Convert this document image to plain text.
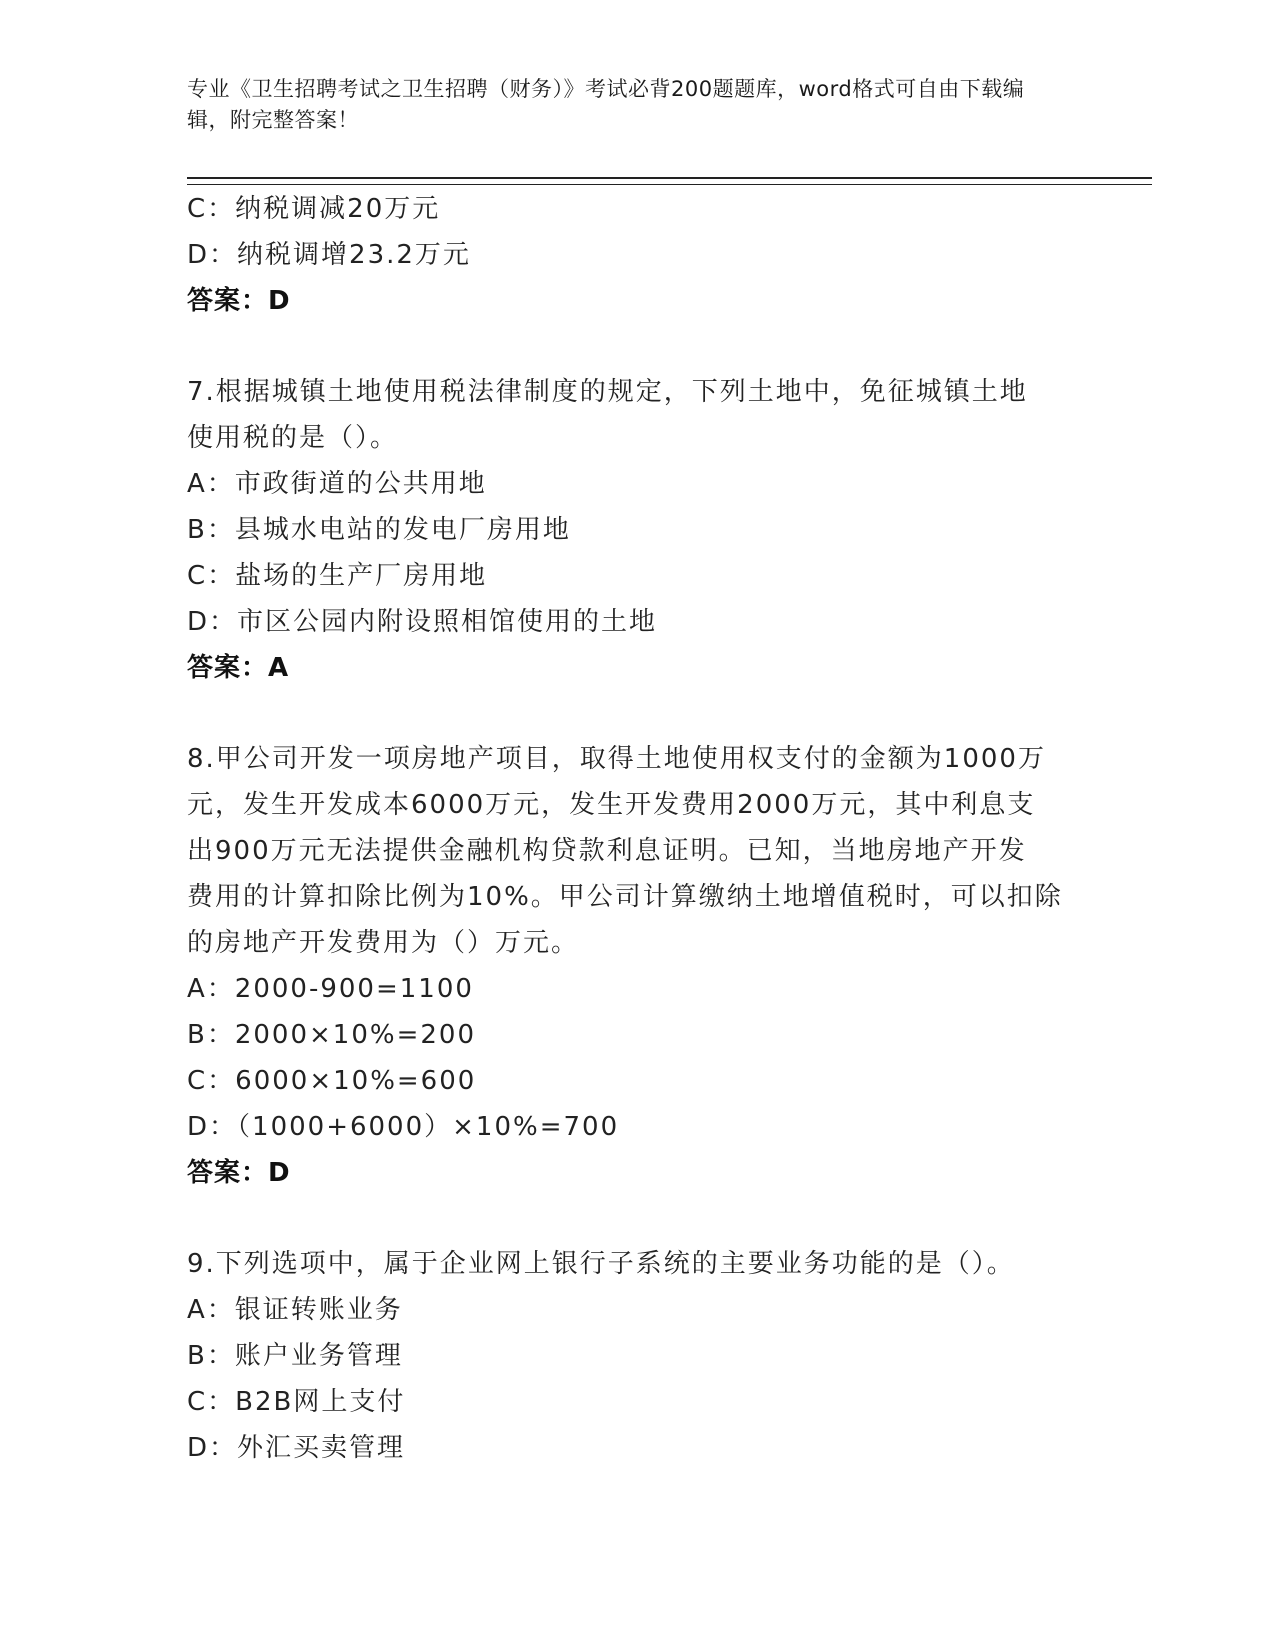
专业《卫生招聘考试之卫生招聘（财务）》考试必背200题题库，word格式可自由下载编辑，附完整答案！
C：纳税调减20万元
D：纳税调增23.2万元
答案：D
7.根据城镇土地使用税法律制度的规定，下列土地中，免征城镇土地
使用税的是（）。
A：市政街道的公共用地
B：县城水电站的发电厂房用地
C：盐场的生产厂房用地
D：市区公园内附设照相馆使用的土地
答案：A
8.甲公司开发一项房地产项目，取得土地使用权支付的金额为1000万
元，发生开发成本6000万元，发生开发费用2000万元，其中利息支
出900万元无法提供金融机构贷款利息证明。已知，当地房地产开发
费用的计算扣除比例为10%。甲公司计算缴纳土地增值税时，可以扣除
的房地产开发费用为（）万元。
A：2000-900=1100
B：2000×10%=200
C：6000×10%=600
D：（1000+6000）×10%=700
答案：D
9.下列选项中，属于企业网上银行子系统的主要业务功能的是（）。
A：银证转账业务
B：账户业务管理
C：B2B网上支付
D：外汇买卖管理
